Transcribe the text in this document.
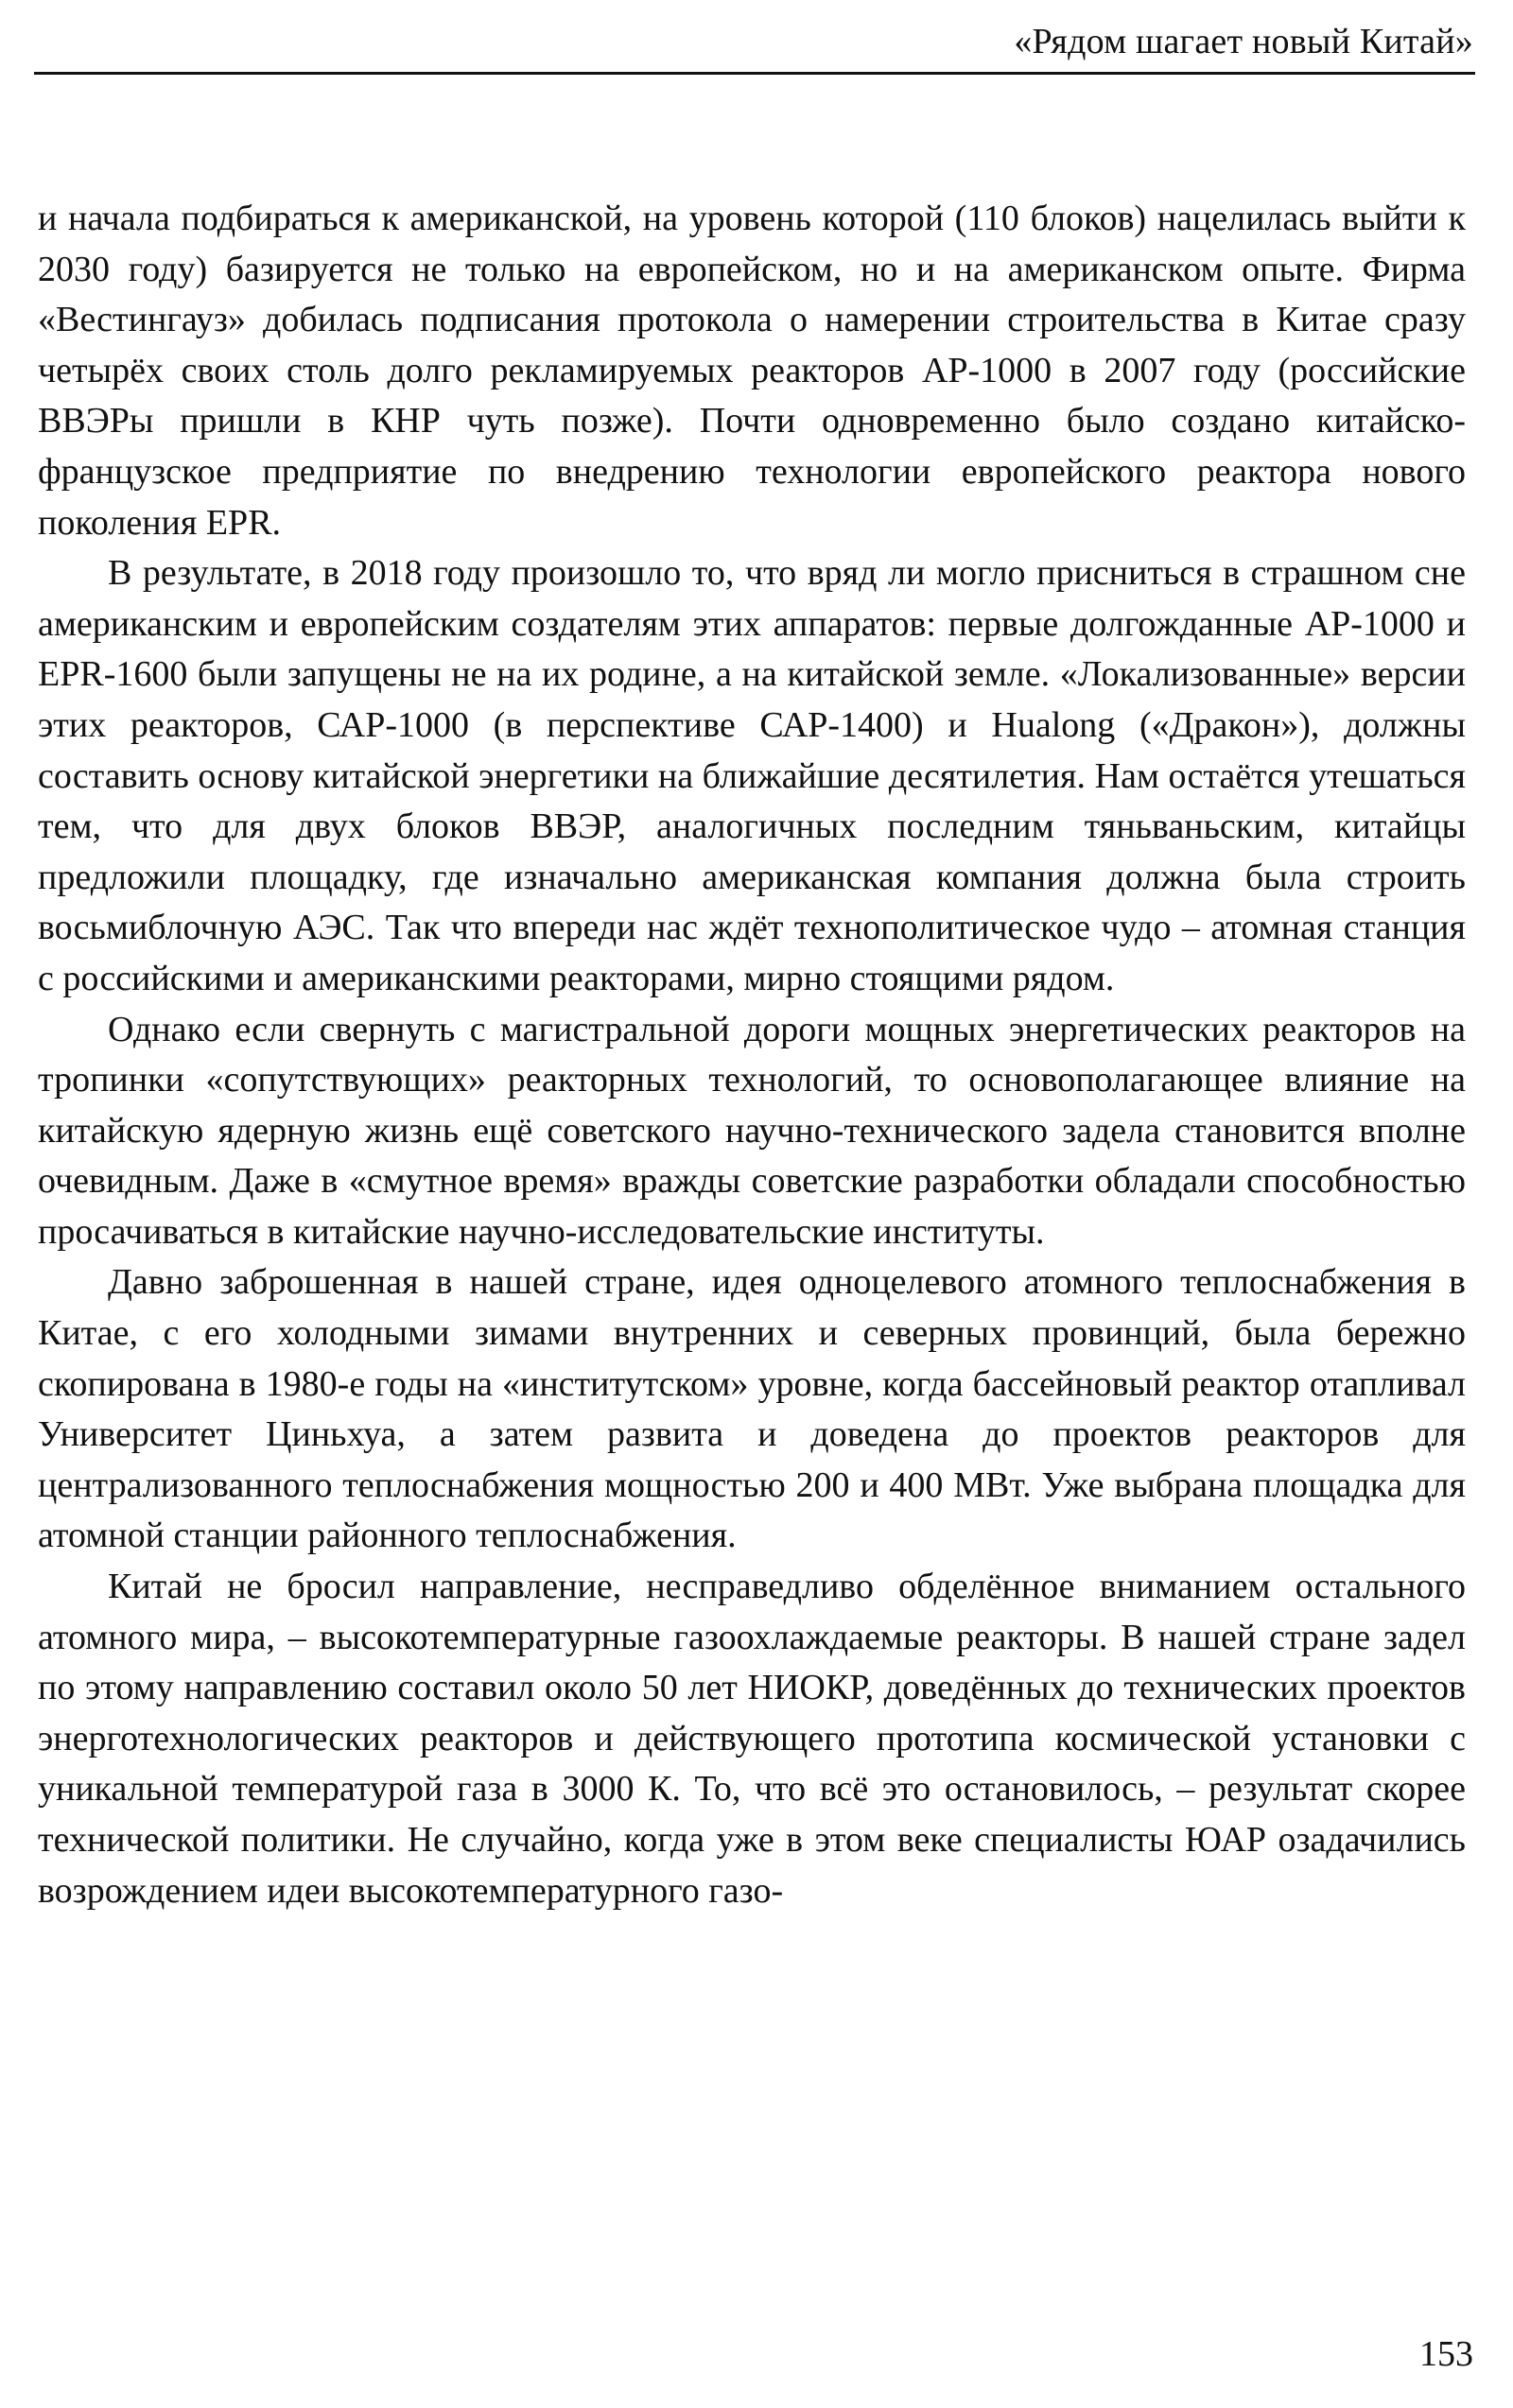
«Рядом шагает новый Китай»

и начала подбираться к американской, на уровень которой (110 блоков) нацелилась выйти к 2030 году) базируется не только на европейском, но и на американском опыте. Фирма «Вестингауз» добилась подписания протокола о намерении строительства в Китае сразу четырёх своих столь долго рекламируемых реакторов АР-1000 в 2007 году (российские ВВЭРы пришли в КНР чуть позже). Почти одновременно было создано китайско-французское предприятие по внедрению технологии европейского реактора нового поколения EPR.

В результате, в 2018 году произошло то, что вряд ли могло присниться в страшном сне американским и европейским создателям этих аппаратов: первые долгожданные АР-1000 и EPR-1600 были запущены не на их родине, а на китайской земле. «Локализованные» версии этих реакторов, САР-1000 (в перспективе САР-1400) и Hualong («Дракон»), должны составить основу китайской энергетики на ближайшие десятилетия. Нам остаётся утешаться тем, что для двух блоков ВВЭР, аналогичных последним тяньваньским, китайцы предложили площадку, где изначально американская компания должна была строить восьмиблочную АЭС. Так что впереди нас ждёт технополитическое чудо – атомная станция с российскими и американскими реакторами, мирно стоящими рядом.

Однако если свернуть с магистральной дороги мощных энергетических реакторов на тропинки «сопутствующих» реакторных технологий, то основополагающее влияние на китайскую ядерную жизнь ещё советского научно-технического задела становится вполне очевидным. Даже в «смутное время» вражды советские разработки обладали способностью просачиваться в китайские научно-исследовательские институты.

Давно заброшенная в нашей стране, идея одноцелевого атомного теплоснабжения в Китае, с его холодными зимами внутренних и северных провинций, была бережно скопирована в 1980-е годы на «институтском» уровне, когда бассейновый реактор отапливал Университет Циньхуа, а затем развита и доведена до проектов реакторов для централизованного теплоснабжения мощностью 200 и 400 МВт. Уже выбрана площадка для атомной станции районного теплоснабжения.

Китай не бросил направление, несправедливо обделённое вниманием остального атомного мира, – высокотемпературные газоохлаждаемые реакторы. В нашей стране задел по этому направлению составил около 50 лет НИОКР, доведённых до технических проектов энерготехнологических реакторов и действующего прототипа космической установки с уникальной температурой газа в 3000 К. То, что всё это остановилось, – результат скорее технической политики. Не случайно, когда уже в этом веке специалисты ЮАР озадачились возрождением идеи высокотемпературного газо-

153
